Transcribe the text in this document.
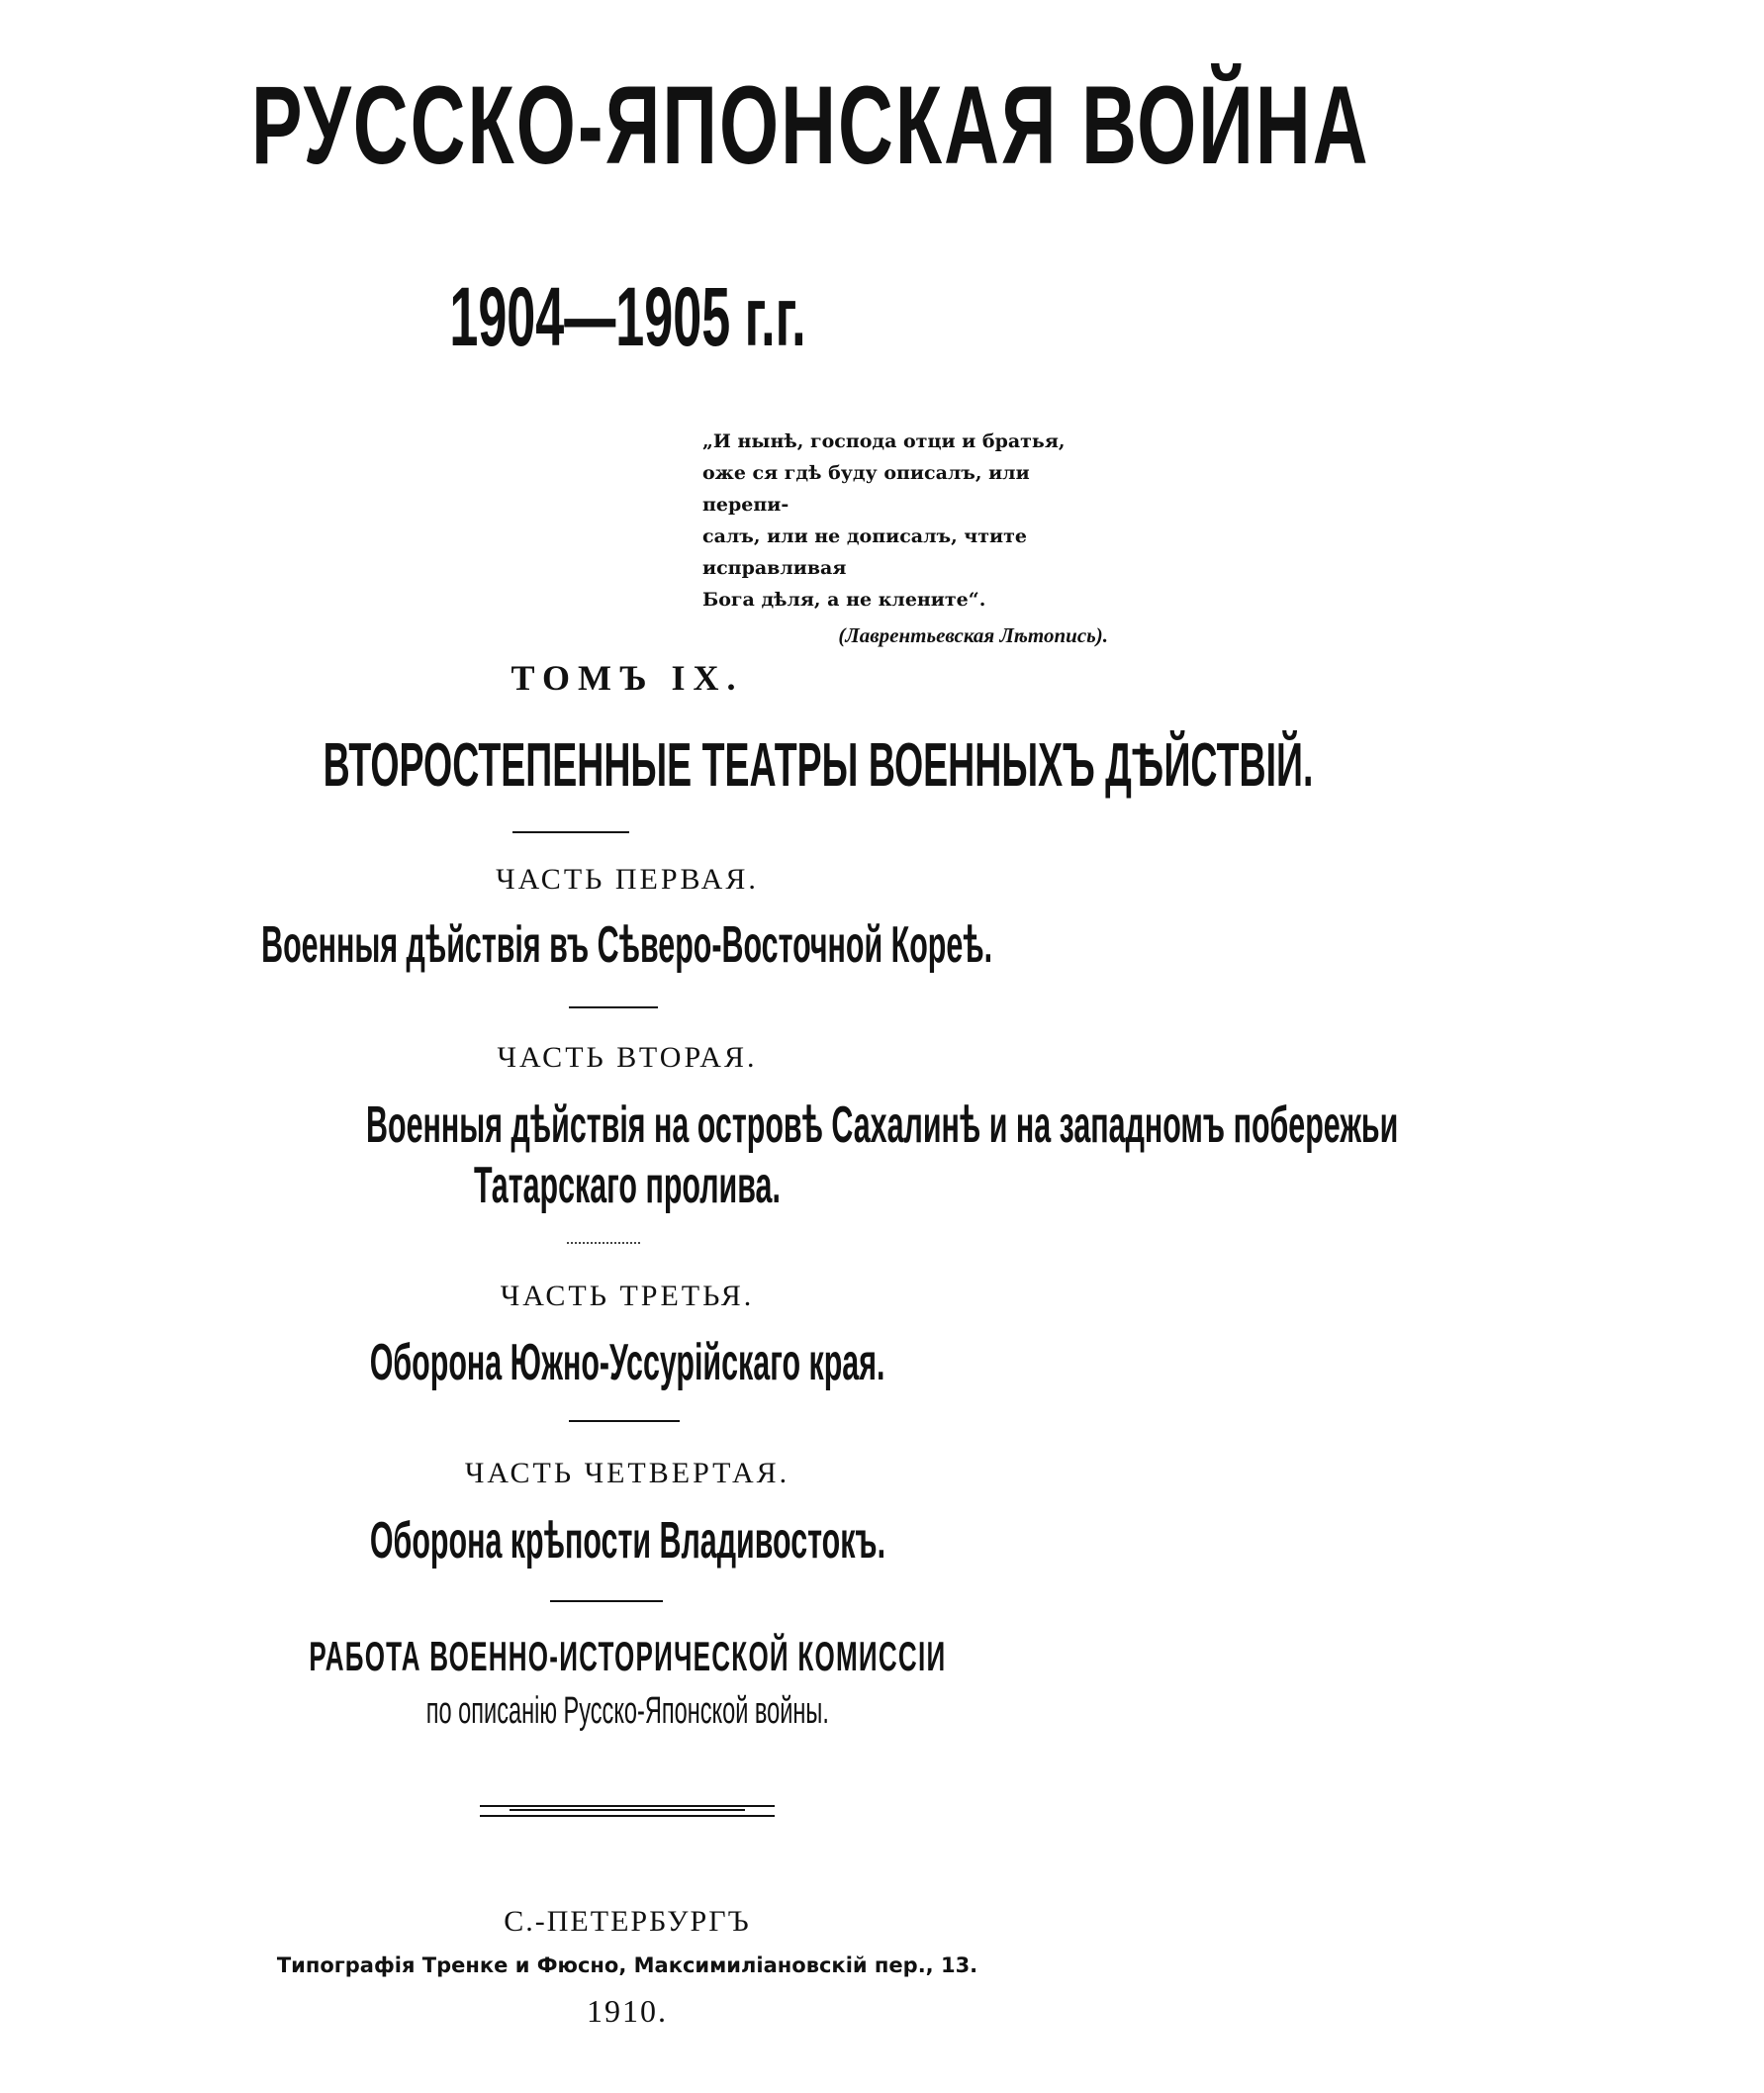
РУССКО-ЯПОНСКАЯ ВОЙНА
1904—1905 г.г.
„И нынѣ, господа отци и братья,
оже ся гдѣ буду описалъ, или перепи-
салъ, или не дописалъ, чтите исправливая
Бога дѣля, а не клените“.
(Лаврентьевская Лѣтопись).
ТОМЪ IX.
ВТОРОСТЕПЕННЫЕ ТЕАТРЫ ВОЕННЫХЪ ДѢЙСТВІЙ.
ЧАСТЬ ПЕРВАЯ.
Военныя дѣйствія въ Сѣверо-Восточной Кореѣ.
ЧАСТЬ ВТОРАЯ.
Военныя дѣйствія на островѣ Сахалинѣ и на западномъ побережьи
Татарскаго пролива.
ЧАСТЬ ТРЕТЬЯ.
Оборона Южно-Уссурійскаго края.
ЧАСТЬ ЧЕТВЕРТАЯ.
Оборона крѣпости Владивостокъ.
РАБОТА ВОЕННО-ИСТОРИЧЕСКОЙ КОМИССІИ
по описанію Русско-Японской войны.
С.-ПЕТЕРБУРГЪ
Типографія Тренке и Фюсно, Максимиліановскій пер., 13.
1910.
